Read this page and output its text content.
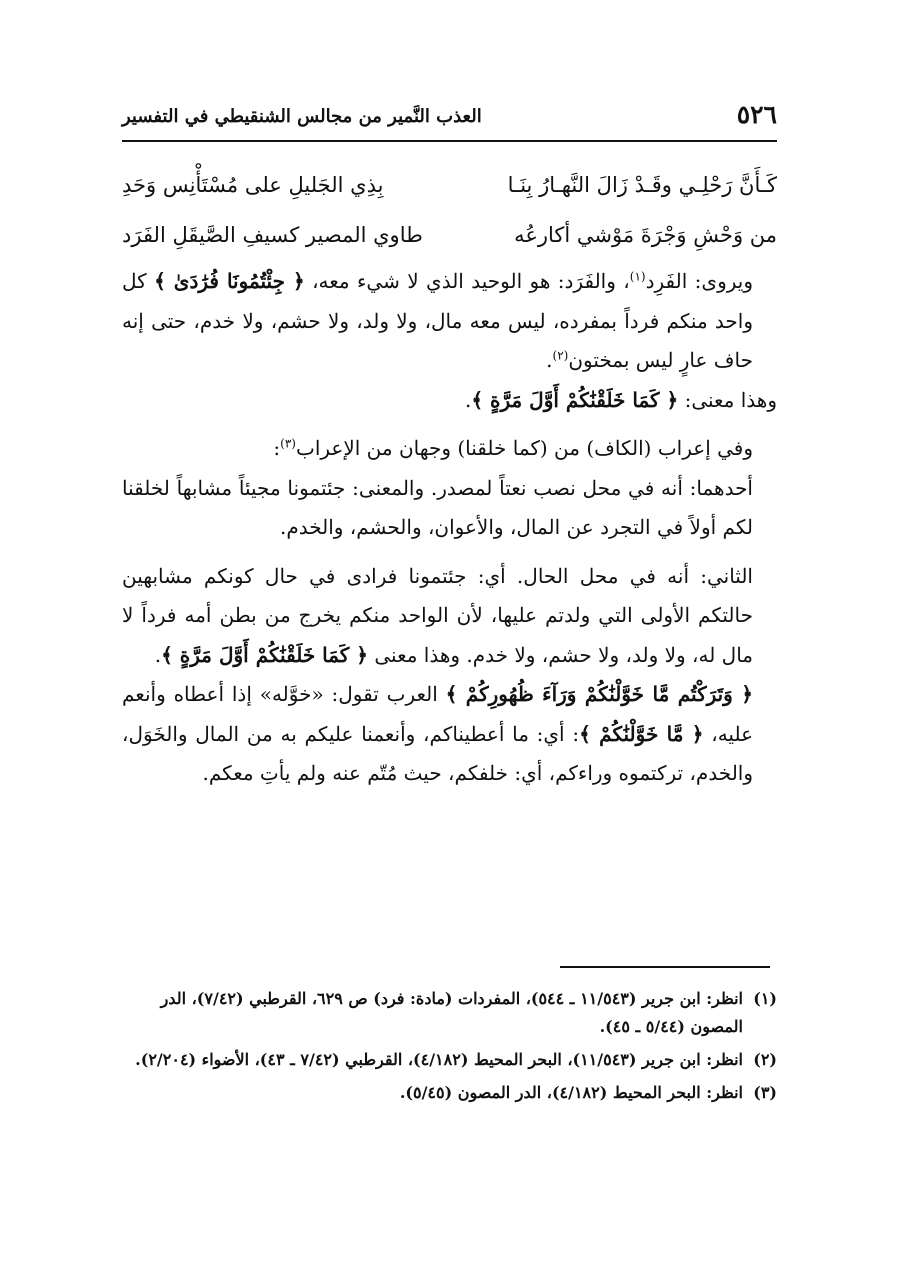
٥٢٦
العذب النَّمير من مجالس الشنقيطي في التفسير
كَـأَنَّ رَحْلِـي وقَـدْ زَالَ النَّهـارُ بِنَـا
بِذِي الجَليلِ على مُسْتَأْنِس وَحَدِ
من وَحْشِ وَجْرَةَ مَوْشي أكارعُه
طاوي المصير كسيفِ الصَّيقَلِ الفَرَد

ويروى: الفَرِد$^{(١)}$، والفَرَد: هو الوحيد الذي لا شيء معه، ﴿ جِئْتُمُونَا فُرَٰدَىٰ ﴾ كل واحد منكم فرداً بمفرده، ليس معه مال، ولا ولد، ولا حشم، ولا خدم، حتى إنه حاف عارٍ ليس بمختون$^{(٢)}$.

وهذا معنى: ﴿ كَمَا خَلَقْنَٰكُمْ أَوَّلَ مَرَّةٍ ﴾.

وفي إعراب (الكاف) من (كما خلقنا) وجهان من الإعراب$^{(٣)}$:

أحدهما: أنه في محل نصب نعتاً لمصدر. والمعنى: جئتمونا مجيئاً مشابهاً لخلقنا لكم أولاً في التجرد عن المال، والأعوان، والحشم، والخدم.

الثاني: أنه في محل الحال. أي: جئتمونا فرادى في حال كونكم مشابهين حالتكم الأولى التي ولدتم عليها، لأن الواحد منكم يخرج من بطن أمه فرداً لا مال له، ولا ولد، ولا حشم، ولا خدم. وهذا معنى ﴿ كَمَا خَلَقْنَٰكُمْ أَوَّلَ مَرَّةٍ ﴾.

﴿ وَتَرَكْتُم مَّا خَوَّلْنَٰكُمْ وَرَآءَ ظُهُورِكُمْ ﴾ العرب تقول: «خوَّله» إذا أعطاه وأنعم عليه، ﴿ مَّا خَوَّلْنَٰكُمْ ﴾: أي: ما أعطيناكم، وأنعمنا عليكم به من المال والخَوَل، والخدم، تركتموه وراءكم، أي: خلفكم، حيث مُتّم عنه ولم يأتِ معكم.

(١)
انظر: ابن جرير (١١/٥٤٣ ـ ٥٤٤)، المفردات (مادة: فرد) ص ٦٢٩، القرطبي (٧/٤٢)، الدر المصون (٥/٤٤ ـ ٤٥).

(٢)
انظر: ابن جرير (١١/٥٤٣)، البحر المحيط (٤/١٨٢)، القرطبي (٧/٤٢ ـ ٤٣)، الأضواء (٢/٢٠٤).

(٣)
انظر: البحر المحيط (٤/١٨٢)، الدر المصون (٥/٤٥).
